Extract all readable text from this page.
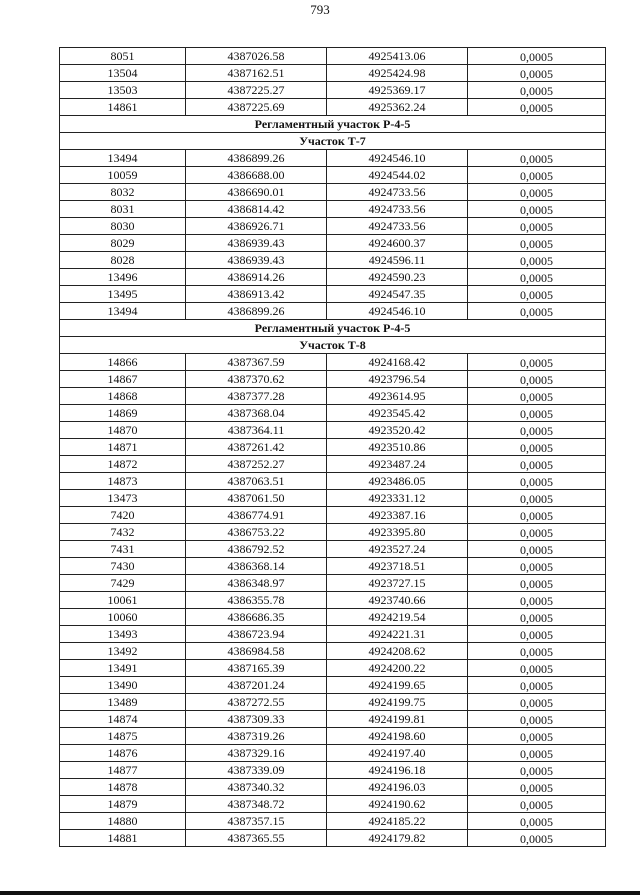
793
8051	4387026.58	4925413.06	0,0005
13504	4387162.51	4925424.98	0,0005
13503	4387225.27	4925369.17	0,0005
14861	4387225.69	4925362.24	0,0005
Регламентный участок Р-4-5			
Участок Т-7			
13494	4386899.26	4924546.10	0,0005
10059	4386688.00	4924544.02	0,0005
8032	4386690.01	4924733.56	0,0005
8031	4386814.42	4924733.56	0,0005
8030	4386926.71	4924733.56	0,0005
8029	4386939.43	4924600.37	0,0005
8028	4386939.43	4924596.11	0,0005
13496	4386914.26	4924590.23	0,0005
13495	4386913.42	4924547.35	0,0005
13494	4386899.26	4924546.10	0,0005
Регламентный участок Р-4-5			
Участок Т-8			
14866	4387367.59	4924168.42	0,0005
14867	4387370.62	4923796.54	0,0005
14868	4387377.28	4923614.95	0,0005
14869	4387368.04	4923545.42	0,0005
14870	4387364.11	4923520.42	0,0005
14871	4387261.42	4923510.86	0,0005
14872	4387252.27	4923487.24	0,0005
14873	4387063.51	4923486.05	0,0005
13473	4387061.50	4923331.12	0,0005
7420	4386774.91	4923387.16	0,0005
7432	4386753.22	4923395.80	0,0005
7431	4386792.52	4923527.24	0,0005
7430	4386368.14	4923718.51	0,0005
7429	4386348.97	4923727.15	0,0005
10061	4386355.78	4923740.66	0,0005
10060	4386686.35	4924219.54	0,0005
13493	4386723.94	4924221.31	0,0005
13492	4386984.58	4924208.62	0,0005
13491	4387165.39	4924200.22	0,0005
13490	4387201.24	4924199.65	0,0005
13489	4387272.55	4924199.75	0,0005
14874	4387309.33	4924199.81	0,0005
14875	4387319.26	4924198.60	0,0005
14876	4387329.16	4924197.40	0,0005
14877	4387339.09	4924196.18	0,0005
14878	4387340.32	4924196.03	0,0005
14879	4387348.72	4924190.62	0,0005
14880	4387357.15	4924185.22	0,0005
14881	4387365.55	4924179.82	0,0005
